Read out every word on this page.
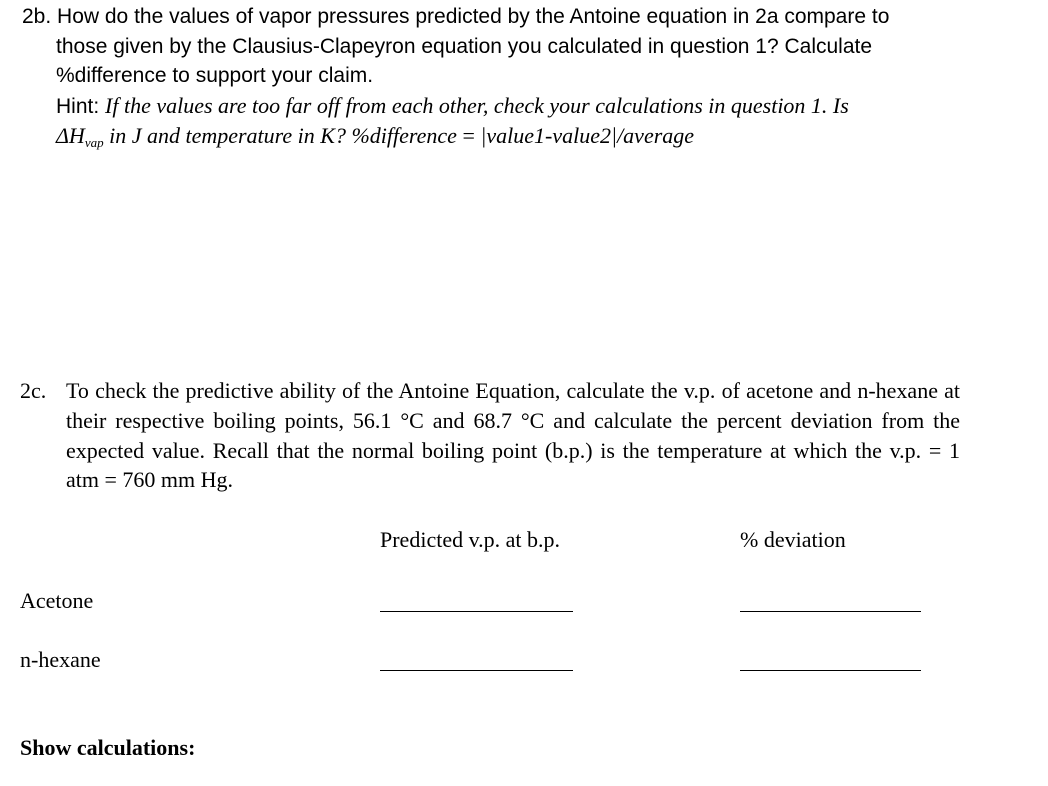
2b. How do the values of vapor pressures predicted by the Antoine equation in 2a compare to
those given by the Clausius-Clapeyron equation you calculated in question 1? Calculate
%difference to support your claim.
Hint: If the values are too far off from each other, check your calculations in question 1. Is
$\Delta H_{vap}$ in J and temperature in K? %difference = |value1-value2|/average
2c. To check the predictive ability of the Antoine Equation, calculate the v.p. of acetone and n-hexane at their respective boiling points, 56.1 °C and 68.7 °C and calculate the percent deviation from the expected value. Recall that the normal boiling point (b.p.) is the temperature at which the v.p. = 1 atm = 760 mm Hg.
Predicted v.p. at b.p.	% deviation
Acetone
n-hexane
Show calculations:
